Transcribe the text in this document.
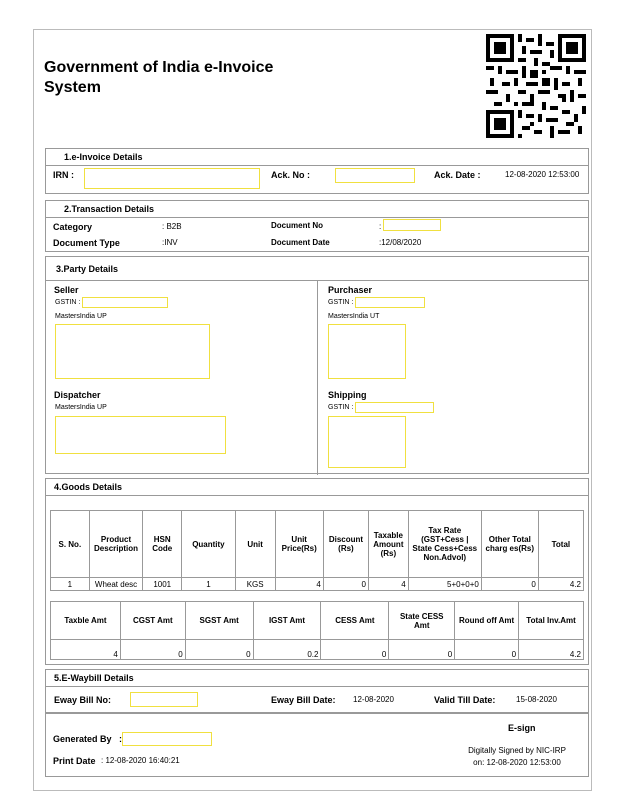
Government of India e-Invoice
System
1.e-Invoice Details
IRN :	Ack. No :	Ack. Date :	12-08-2020 12:53:00
2.Transaction Details
Category	: B2B	Document No	:
Document Type	:INV	Document Date	:12/08/2020
3.Party Details
Seller
GSTIN :
MastersIndia UP
Purchaser
GSTIN :
MastersIndia UT
Dispatcher
MastersIndia UP
Shipping
GSTIN :
4.Goods Details
S. No.	Product Description	HSN Code	Quantity	Unit	Unit Price(Rs)	Discount (Rs)	Taxable Amount (Rs)	Tax Rate (GST+Cess | State Cess+Cess Non.Advol)	Other Total charg es(Rs)	Total
1	Wheat desc	1001	1	KGS	4	0	4	5+0+0+0	0	4.2
Taxble Amt	CGST Amt	SGST Amt	IGST Amt	CESS Amt	State CESS Amt	Round off Amt	Total Inv.Amt
4	0	0	0.2	0	0	0	4.2
5.E-Waybill Details
Eway Bill No:	Eway Bill Date: 12-08-2020	Valid Till Date:	15-08-2020
Generated By :
Print Date : 12-08-2020 16:40:21
E-sign
Digitally Signed by NIC-IRP
on: 12-08-2020 12:53:00
